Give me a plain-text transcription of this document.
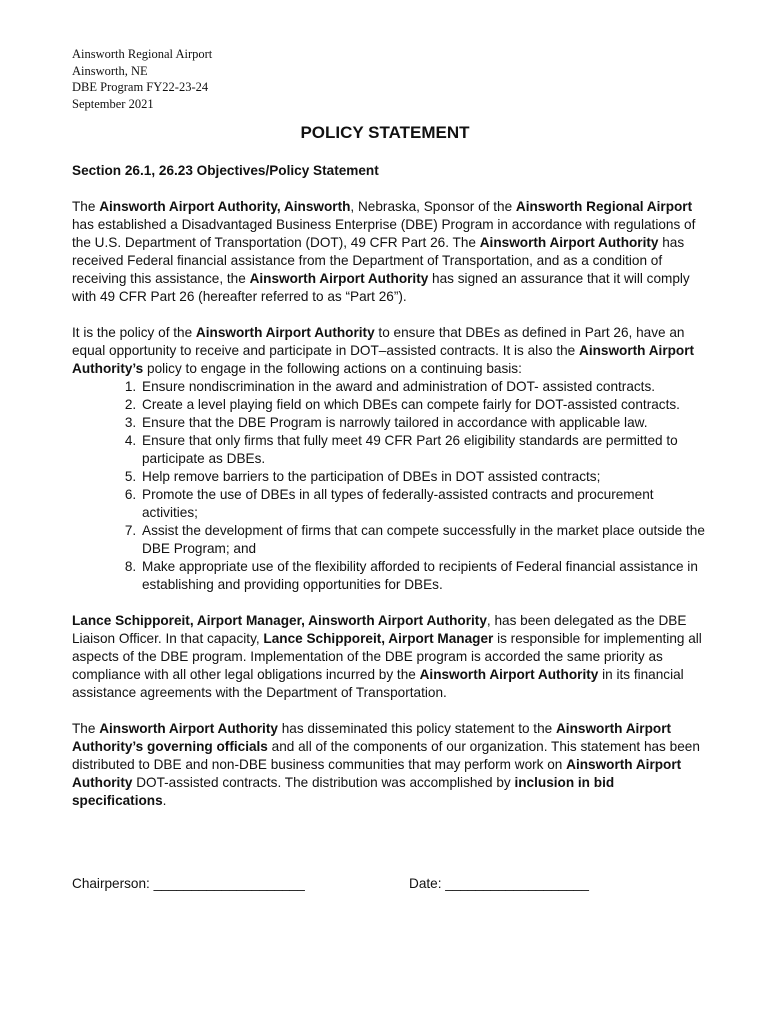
Ainsworth Regional Airport
Ainsworth, NE
DBE Program FY22-23-24
September 2021
POLICY STATEMENT
Section 26.1, 26.23 Objectives/Policy Statement

The Ainsworth Airport Authority, Ainsworth, Nebraska, Sponsor of the Ainsworth Regional Airport has established a Disadvantaged Business Enterprise (DBE) Program in accordance with regulations of the U.S. Department of Transportation (DOT), 49 CFR Part 26. The Ainsworth Airport Authority has received Federal financial assistance from the Department of Transportation, and as a condition of receiving this assistance, the Ainsworth Airport Authority has signed an assurance that it will comply with 49 CFR Part 26 (hereafter referred to as “Part 26”).

It is the policy of the Ainsworth Airport Authority to ensure that DBEs as defined in Part 26, have an equal opportunity to receive and participate in DOT–assisted contracts. It is also the Ainsworth Airport Authority’s policy to engage in the following actions on a continuing basis:

1. Ensure nondiscrimination in the award and administration of DOT- assisted contracts.
2. Create a level playing field on which DBEs can compete fairly for DOT-assisted contracts.
3. Ensure that the DBE Program is narrowly tailored in accordance with applicable law.
4. Ensure that only firms that fully meet 49 CFR Part 26 eligibility standards are permitted to participate as DBEs.
5. Help remove barriers to the participation of DBEs in DOT assisted contracts;
6. Promote the use of DBEs in all types of federally-assisted contracts and procurement activities;
7. Assist the development of firms that can compete successfully in the market place outside the DBE Program; and
8. Make appropriate use of the flexibility afforded to recipients of Federal financial assistance in establishing and providing opportunities for DBEs.

Lance Schipporeit, Airport Manager, Ainsworth Airport Authority, has been delegated as the DBE Liaison Officer. In that capacity, Lance Schipporeit, Airport Manager is responsible for implementing all aspects of the DBE program. Implementation of the DBE program is accorded the same priority as compliance with all other legal obligations incurred by the Ainsworth Airport Authority in its financial assistance agreements with the Department of Transportation.

The Ainsworth Airport Authority has disseminated this policy statement to the Ainsworth Airport Authority’s governing officials and all of the components of our organization. This statement has been distributed to DBE and non-DBE business communities that may perform work on Ainsworth Airport Authority DOT-assisted contracts. The distribution was accomplished by inclusion in bid specifications.

Chairperson: ____________________	Date: ___________________
